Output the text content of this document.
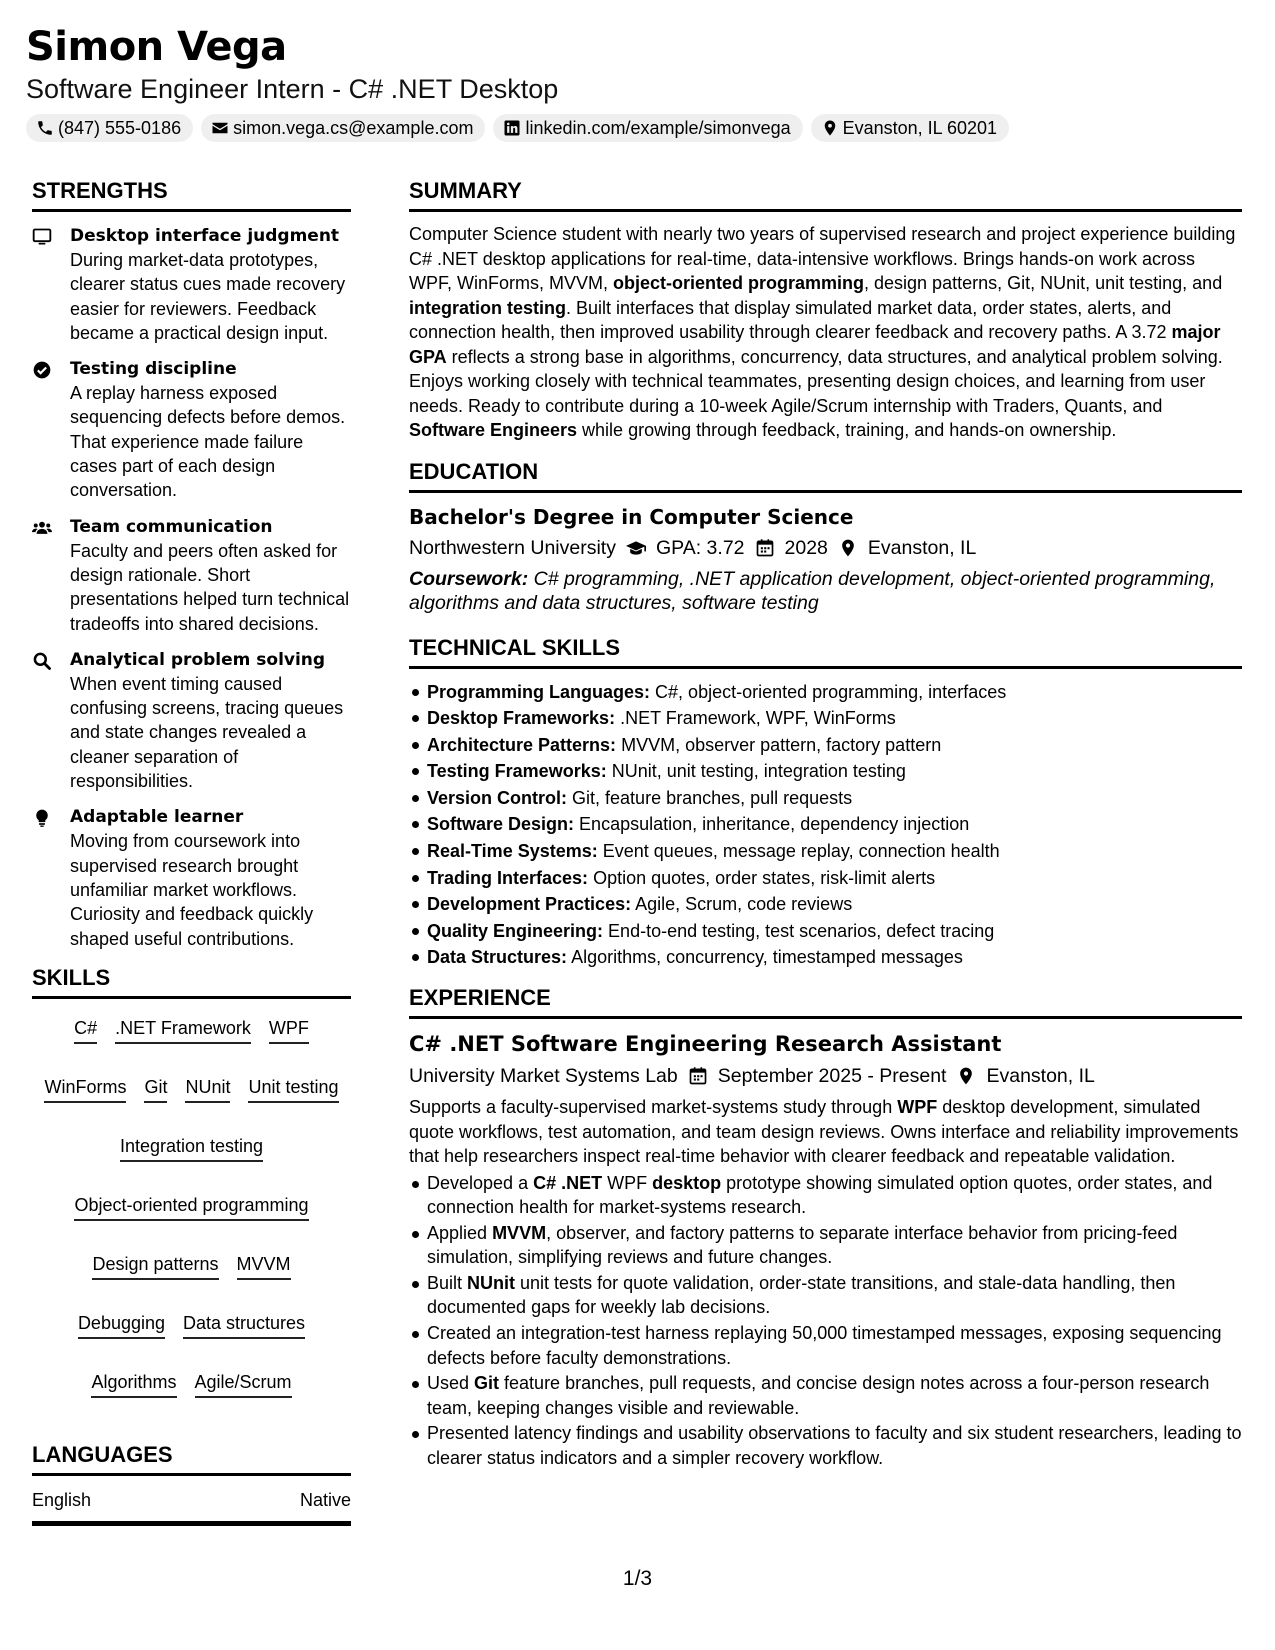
Simon Vega
Software Engineer Intern - C# .NET Desktop
(847) 555-0186	simon.vega.cs@example.com	linkedin.com/example/simonvega	Evanston, IL 60201
STRENGTHS
Desktop interface judgment
During market-data prototypes, clearer status cues made recovery easier for reviewers. Feedback became a practical design input.
Testing discipline
A replay harness exposed sequencing defects before demos. That experience made failure cases part of each design conversation.
Team communication
Faculty and peers often asked for design rationale. Short presentations helped turn technical tradeoffs into shared decisions.
Analytical problem solving
When event timing caused confusing screens, tracing queues and state changes revealed a cleaner separation of responsibilities.
Adaptable learner
Moving from coursework into supervised research brought unfamiliar market workflows. Curiosity and feedback quickly shaped useful contributions.
SKILLS
C# .NET Framework WPF
WinForms Git NUnit Unit testing
Integration testing
Object-oriented programming
Design patterns MVVM
Debugging Data structures
Algorithms Agile/Scrum
LANGUAGES
English	Native
SUMMARY

Computer Science student with nearly two years of supervised research and project experience building C# .NET desktop applications for real-time, data-intensive workflows. Brings hands-on work across WPF, WinForms, MVVM, object-oriented programming, design patterns, Git, NUnit, unit testing, and integration testing. Built interfaces that display simulated market data, order states, alerts, and connection health, then improved usability through clearer feedback and recovery paths. A 3.72 major GPA reflects a strong base in algorithms, concurrency, data structures, and analytical problem solving. Enjoys working closely with technical teammates, presenting design choices, and learning from user needs. Ready to contribute during a 10-week Agile/Scrum internship with Traders, Quants, and Software Engineers while growing through feedback, training, and hands-on ownership.

EDUCATION
Bachelor's Degree in Computer Science
Northwestern University GPA: 3.72 2028 Evanston, IL
Coursework: C# programming, .NET application development, object-oriented programming, algorithms and data structures, software testing
TECHNICAL SKILLS
Programming Languages: C#, object-oriented programming, interfaces
Desktop Frameworks: .NET Framework, WPF, WinForms
Architecture Patterns: MVVM, observer pattern, factory pattern
Testing Frameworks: NUnit, unit testing, integration testing
Version Control: Git, feature branches, pull requests
Software Design: Encapsulation, inheritance, dependency injection
Real-Time Systems: Event queues, message replay, connection health
Trading Interfaces: Option quotes, order states, risk-limit alerts
Development Practices: Agile, Scrum, code reviews
Quality Engineering: End-to-end testing, test scenarios, defect tracing
Data Structures: Algorithms, concurrency, timestamped messages
EXPERIENCE
C# .NET Software Engineering Research Assistant
University Market Systems Lab September 2025 - Present Evanston, IL

Supports a faculty-supervised market-systems study through WPF desktop development, simulated quote workflows, test automation, and team design reviews. Owns interface and reliability improvements that help researchers inspect real-time behavior with clearer feedback and repeatable validation.

Developed a C# .NET WPF desktop prototype showing simulated option quotes, order states, and connection health for market-systems research.
Applied MVVM, observer, and factory patterns to separate interface behavior from pricing-feed simulation, simplifying reviews and future changes.
Built NUnit unit tests for quote validation, order-state transitions, and stale-data handling, then documented gaps for weekly lab decisions.
Created an integration-test harness replaying 50,000 timestamped messages, exposing sequencing defects before faculty demonstrations.
Used Git feature branches, pull requests, and concise design notes across a four-person research team, keeping changes visible and reviewable.
Presented latency findings and usability observations to faculty and six student researchers, leading to clearer status indicators and a simpler recovery workflow.
1/3
